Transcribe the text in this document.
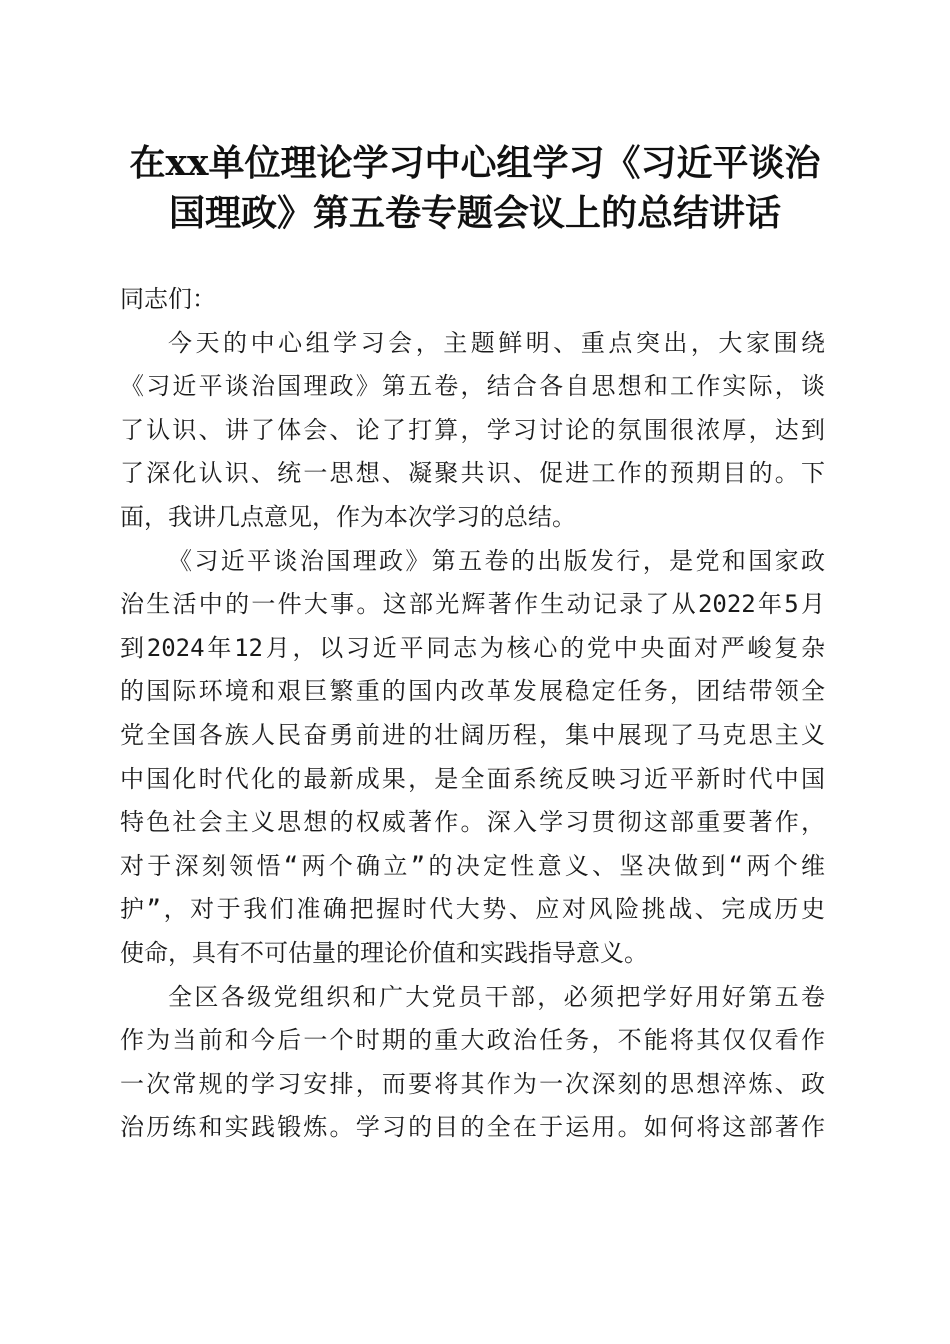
在xx单位理论学习中心组学习《习近平谈治
国理政》第五卷专题会议上的总结讲话
同志们：
今天的中心组学习会，主题鲜明、重点突出，大家围绕
《习近平谈治国理政》第五卷，结合各自思想和工作实际，谈
了认识、讲了体会、论了打算，学习讨论的氛围很浓厚，达到
了深化认识、统一思想、凝聚共识、促进工作的预期目的。下
面，我讲几点意见，作为本次学习的总结。
《习近平谈治国理政》第五卷的出版发行，是党和国家政
治生活中的一件大事。这部光辉著作生动记录了从2022年5月
到2024年12月，以习近平同志为核心的党中央面对严峻复杂
的国际环境和艰巨繁重的国内改革发展稳定任务，团结带领全
党全国各族人民奋勇前进的壮阔历程，集中展现了马克思主义
中国化时代化的最新成果，是全面系统反映习近平新时代中国
特色社会主义思想的权威著作。深入学习贯彻这部重要著作，
对于深刻领悟“两个确立”的决定性意义、坚决做到“两个维
护”，对于我们准确把握时代大势、应对风险挑战、完成历史
使命，具有不可估量的理论价值和实践指导意义。
全区各级党组织和广大党员干部，必须把学好用好第五卷
作为当前和今后一个时期的重大政治任务，不能将其仅仅看作
一次常规的学习安排，而要将其作为一次深刻的思想淬炼、政
治历练和实践锻炼。学习的目的全在于运用。如何将这部著作
